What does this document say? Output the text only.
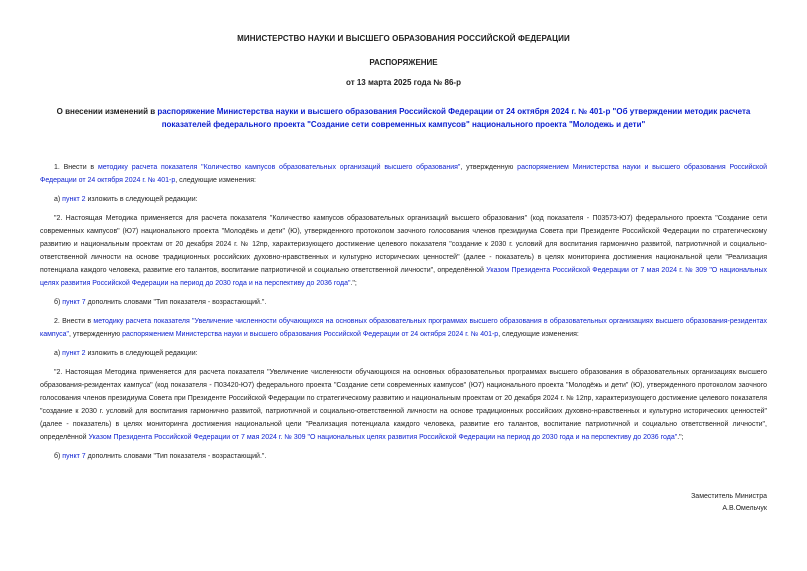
МИНИСТЕРСТВО НАУКИ И ВЫСШЕГО ОБРАЗОВАНИЯ РОССИЙСКОЙ ФЕДЕРАЦИИ
РАСПОРЯЖЕНИЕ
от 13 марта 2025 года № 86-р
О внесении изменений в распоряжение Министерства науки и высшего образования Российской Федерации от 24 октября 2024 г. № 401-р "Об утверждении методик расчета показателей федерального проекта "Создание сети современных кампусов" национального проекта "Молодежь и дети"
1. Внести в методику расчета показателя "Количество кампусов образовательных организаций высшего образования", утвержденную распоряжением Министерства науки и высшего образования Российской Федерации от 24 октября 2024 г. № 401-р, следующие изменения:
а) пункт 2 изложить в следующей редакции:
"2. Настоящая Методика применяется для расчета показателя "Количество кампусов образовательных организаций высшего образования" (код показателя - П03573-Ю7) федерального проекта "Создание сети современных кампусов" (Ю7) национального проекта "Молодёжь и дети" (Ю), утвержденного протоколом заочного голосования членов президиума Совета при Президенте Российской Федерации по стратегическому развитию и национальным проектам от 20 декабря 2024 г. № 12пр, характеризующего достижение целевого показателя "создание к 2030 г. условий для воспитания гармонично развитой, патриотичной и социально-ответственной личности на основе традиционных российских духовно-нравственных и культурно исторических ценностей" (далее - показатель) в целях мониторинга достижения национальной цели "Реализация потенциала каждого человека, развитие его талантов, воспитание патриотичной и социально ответственной личности", определённой Указом Президента Российской Федерации от 7 мая 2024 г. № 309 "О национальных целях развития Российской Федерации на период до 2030 года и на перспективу до 2036 года".";
б) пункт 7 дополнить словами "Тип показателя - возрастающий.".
2. Внести в методику расчета показателя "Увеличение численности обучающихся на основных образовательных программах высшего образования в образовательных организациях высшего образования-резидентах кампуса", утвержденную распоряжением Министерства науки и высшего образования Российской Федерации от 24 октября 2024 г. № 401-р, следующие изменения:
а) пункт 2 изложить в следующей редакции:
"2. Настоящая Методика применяется для расчета показателя "Увеличение численности обучающихся на основных образовательных программах высшего образования в образовательных организациях высшего образования-резидентах кампуса" (код показателя - П03420-Ю7) федерального проекта "Создание сети современных кампусов" (Ю7) национального проекта "Молодёжь и дети" (Ю), утвержденного протоколом заочного голосования членов президиума Совета при Президенте Российской Федерации по стратегическому развитию и национальным проектам от 20 декабря 2024 г. № 12пр, характеризующего достижение целевого показателя "создание к 2030 г. условий для воспитания гармонично развитой, патриотичной и социально-ответственной личности на основе традиционных российских духовно-нравственных и культурно исторических ценностей" (далее - показатель) в целях мониторинга достижения национальной цели "Реализация потенциала каждого человека, развитие его талантов, воспитание патриотичной и социально ответственной личности", определённой Указом Президента Российской Федерации от 7 мая 2024 г. № 309 "О национальных целях развития Российской Федерации на период до 2030 года и на перспективу до 2036 года".";
б) пункт 7 дополнить словами "Тип показателя - возрастающий.".
Заместитель Министра
А.В.Омельчук
